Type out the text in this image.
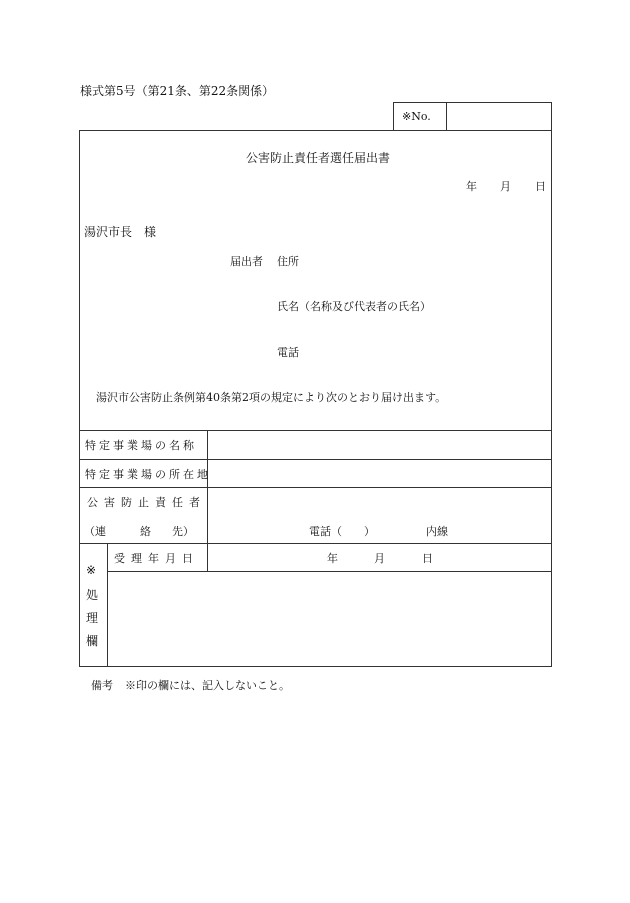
様式第5号（第21条、第22条関係）
※No.
公害防止責任者選任届出書
年 月 日
湯沢市長　様
届出者 住所
氏名（名称及び代表者の氏名）
電話
湯沢市公害防止条例第40条第2項の規定により次のとおり届け出ます。
特定事業場の名称
特定事業場の所在地
公害防止責任者
（連	絡 先）	電話（　　）	内線
※
処
理
欄
受理年月日	年	月	日
備考 ※印の欄には、記入しないこと。
